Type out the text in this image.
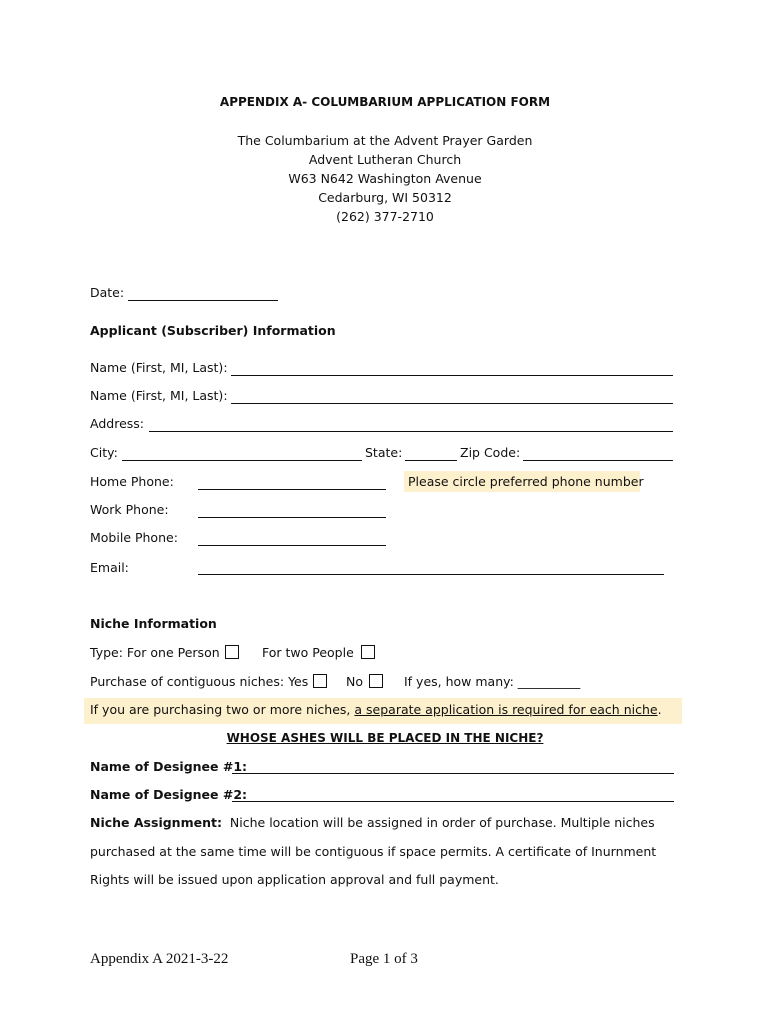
APPENDIX A- COLUMBARIUM APPLICATION FORM
The Columbarium at the Advent Prayer Garden
Advent Lutheran Church
W63 N642 Washington Avenue
Cedarburg, WI 50312
(262) 377-2710
Date:
Applicant (Subscriber) Information
Name (First, MI, Last):
Name (First, MI, Last):
Address:
City:	State:	Zip Code:
Home Phone:	Please circle preferred phone number
Work Phone:
Mobile Phone:
Email:
Niche Information
Type: For one Person	For two People
Purchase of contiguous niches: Yes	No	If yes, how many: __________
If you are purchasing two or more niches, a separate application is required for each niche.
WHOSE ASHES WILL BE PLACED IN THE NICHE?
Name of Designee #1:
Name of Designee #2:
Niche Assignment: Niche location will be assigned in order of purchase. Multiple niches
purchased at the same time will be contiguous if space permits. A certificate of Inurnment
Rights will be issued upon application approval and full payment.
Appendix A 2021-3-22	Page 1 of 3
